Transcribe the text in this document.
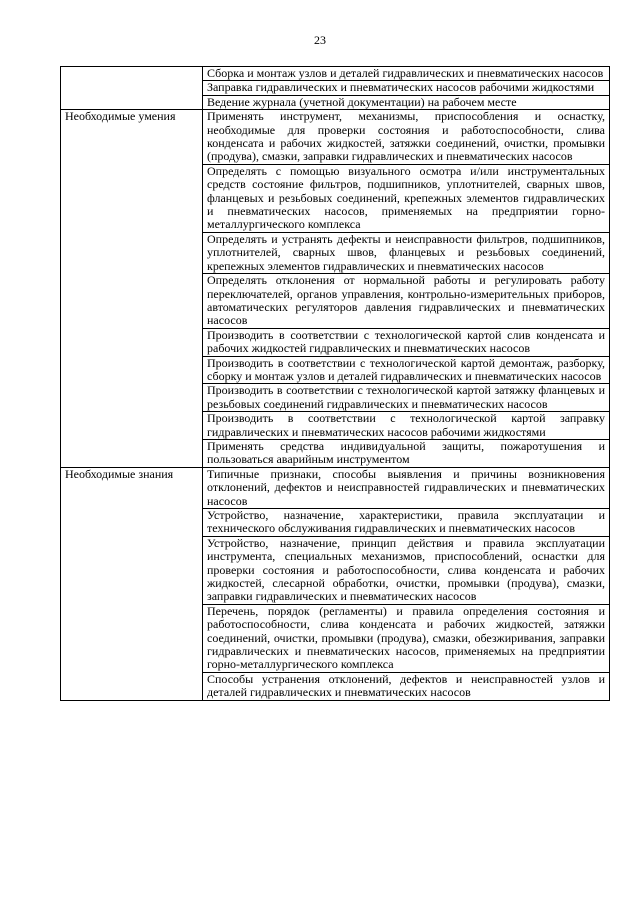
23
	Сборка и монтаж узлов и деталей гидравлических и пневматических насосов
	Заправка гидравлических и пневматических насосов рабочими жидкостями
	Ведение журнала (учетной документации) на рабочем месте
Необходимые умения	Применять инструмент, механизмы, приспособления и оснастку, необходимые для проверки состояния и работоспособности, слива конденсата и рабочих жидкостей, затяжки соединений, очистки, промывки (продува), смазки, заправки гидравлических и пневматических насосов
	Определять с помощью визуального осмотра и/или инструментальных средств состояние фильтров, подшипников, уплотнителей, сварных швов, фланцевых и резьбовых соединений, крепежных элементов гидравлических и пневматических насосов, применяемых на предприятии горно-металлургического комплекса
	Определять и устранять дефекты и неисправности фильтров, подшипников, уплотнителей, сварных швов, фланцевых и резьбовых соединений, крепежных элементов гидравлических и пневматических насосов
	Определять отклонения от нормальной работы и регулировать работу переключателей, органов управления, контрольно-измерительных приборов, автоматических регуляторов давления гидравлических и пневматических насосов
	Производить в соответствии с технологической картой слив конденсата и рабочих жидкостей гидравлических и пневматических насосов
	Производить в соответствии с технологической картой демонтаж, разборку, сборку и монтаж узлов и деталей гидравлических и пневматических насосов
	Производить в соответствии с технологической картой затяжку фланцевых и резьбовых соединений гидравлических и пневматических насосов
	Производить в соответствии с технологической картой заправку гидравлических и пневматических насосов рабочими жидкостями
	Применять средства индивидуальной защиты, пожаротушения и пользоваться аварийным инструментом
Необходимые знания	Типичные признаки, способы выявления и причины возникновения отклонений, дефектов и неисправностей гидравлических и пневматических насосов
	Устройство, назначение, характеристики, правила эксплуатации и технического обслуживания гидравлических и пневматических насосов
	Устройство, назначение, принцип действия и правила эксплуатации инструмента, специальных механизмов, приспособлений, оснастки для проверки состояния и работоспособности, слива конденсата и рабочих жидкостей, слесарной обработки, очистки, промывки (продува), смазки, заправки гидравлических и пневматических насосов
	Перечень, порядок (регламенты) и правила определения состояния и работоспособности, слива конденсата и рабочих жидкостей, затяжки соединений, очистки, промывки (продува), смазки, обезжиривания, заправки гидравлических и пневматических насосов, применяемых на предприятии горно-металлургического комплекса
	Способы устранения отклонений, дефектов и неисправностей узлов и деталей гидравлических и пневматических насосов
